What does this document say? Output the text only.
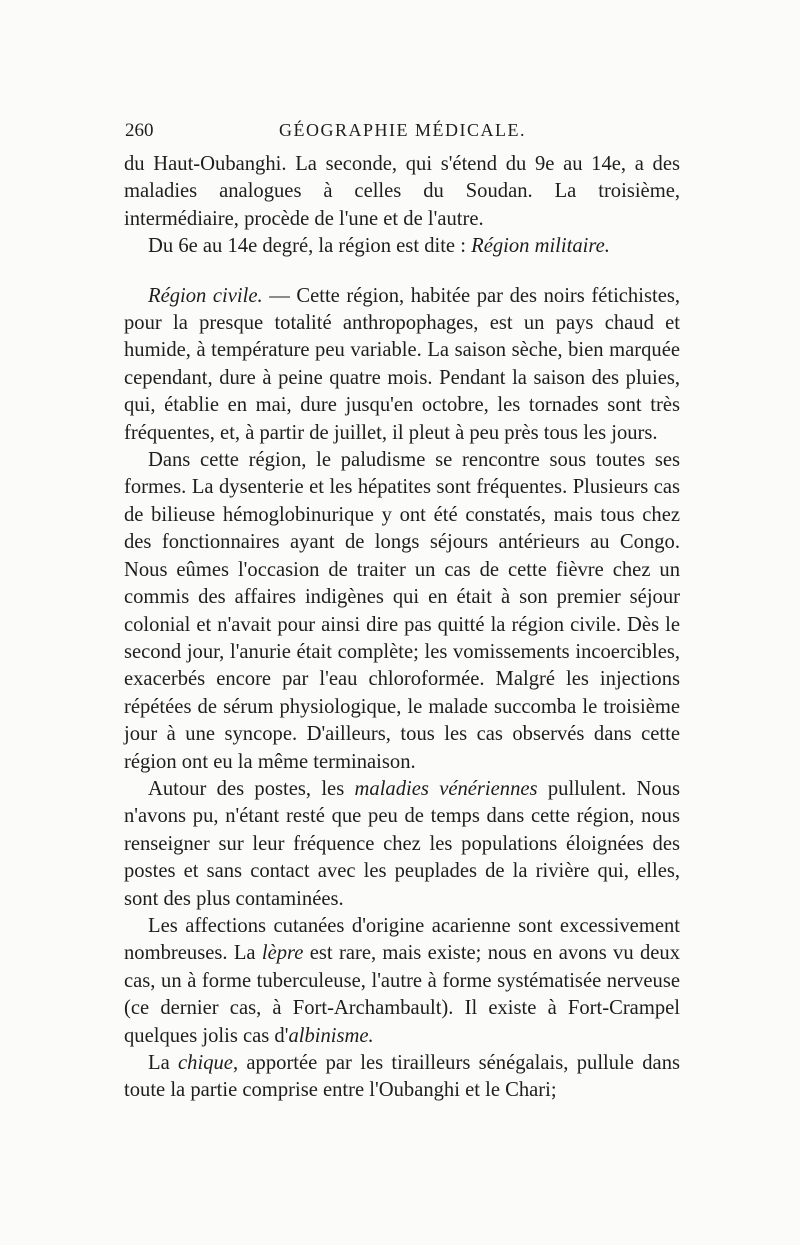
260	GÉOGRAPHIE MÉDICALE.

du Haut-Oubanghi. La seconde, qui s'étend du 9e au 14e, a des maladies analogues à celles du Soudan. La troisième, intermédiaire, procède de l'une et de l'autre.

Du 6e au 14e degré, la région est dite : Région militaire.

Région civile. — Cette région, habitée par des noirs fétichistes, pour la presque totalité anthropophages, est un pays chaud et humide, à température peu variable. La saison sèche, bien marquée cependant, dure à peine quatre mois. Pendant la saison des pluies, qui, établie en mai, dure jusqu'en octobre, les tornades sont très fréquentes, et, à partir de juillet, il pleut à peu près tous les jours.

Dans cette région, le paludisme se rencontre sous toutes ses formes. La dysenterie et les hépatites sont fréquentes. Plusieurs cas de bilieuse hémoglobinurique y ont été constatés, mais tous chez des fonctionnaires ayant de longs séjours antérieurs au Congo. Nous eûmes l'occasion de traiter un cas de cette fièvre chez un commis des affaires indigènes qui en était à son premier séjour colonial et n'avait pour ainsi dire pas quitté la région civile. Dès le second jour, l'anurie était complète; les vomissements incoercibles, exacerbés encore par l'eau chloroformée. Malgré les injections répétées de sérum physiologique, le malade succomba le troisième jour à une syncope. D'ailleurs, tous les cas observés dans cette région ont eu la même terminaison.

Autour des postes, les maladies vénériennes pullulent. Nous n'avons pu, n'étant resté que peu de temps dans cette région, nous renseigner sur leur fréquence chez les populations éloignées des postes et sans contact avec les peuplades de la rivière qui, elles, sont des plus contaminées.

Les affections cutanées d'origine acarienne sont excessivement nombreuses. La lèpre est rare, mais existe; nous en avons vu deux cas, un à forme tuberculeuse, l'autre à forme systématisée nerveuse (ce dernier cas, à Fort-Archambault). Il existe à Fort-Crampel quelques jolis cas d'albinisme.

La chique, apportée par les tirailleurs sénégalais, pullule dans toute la partie comprise entre l'Oubanghi et le Chari;
